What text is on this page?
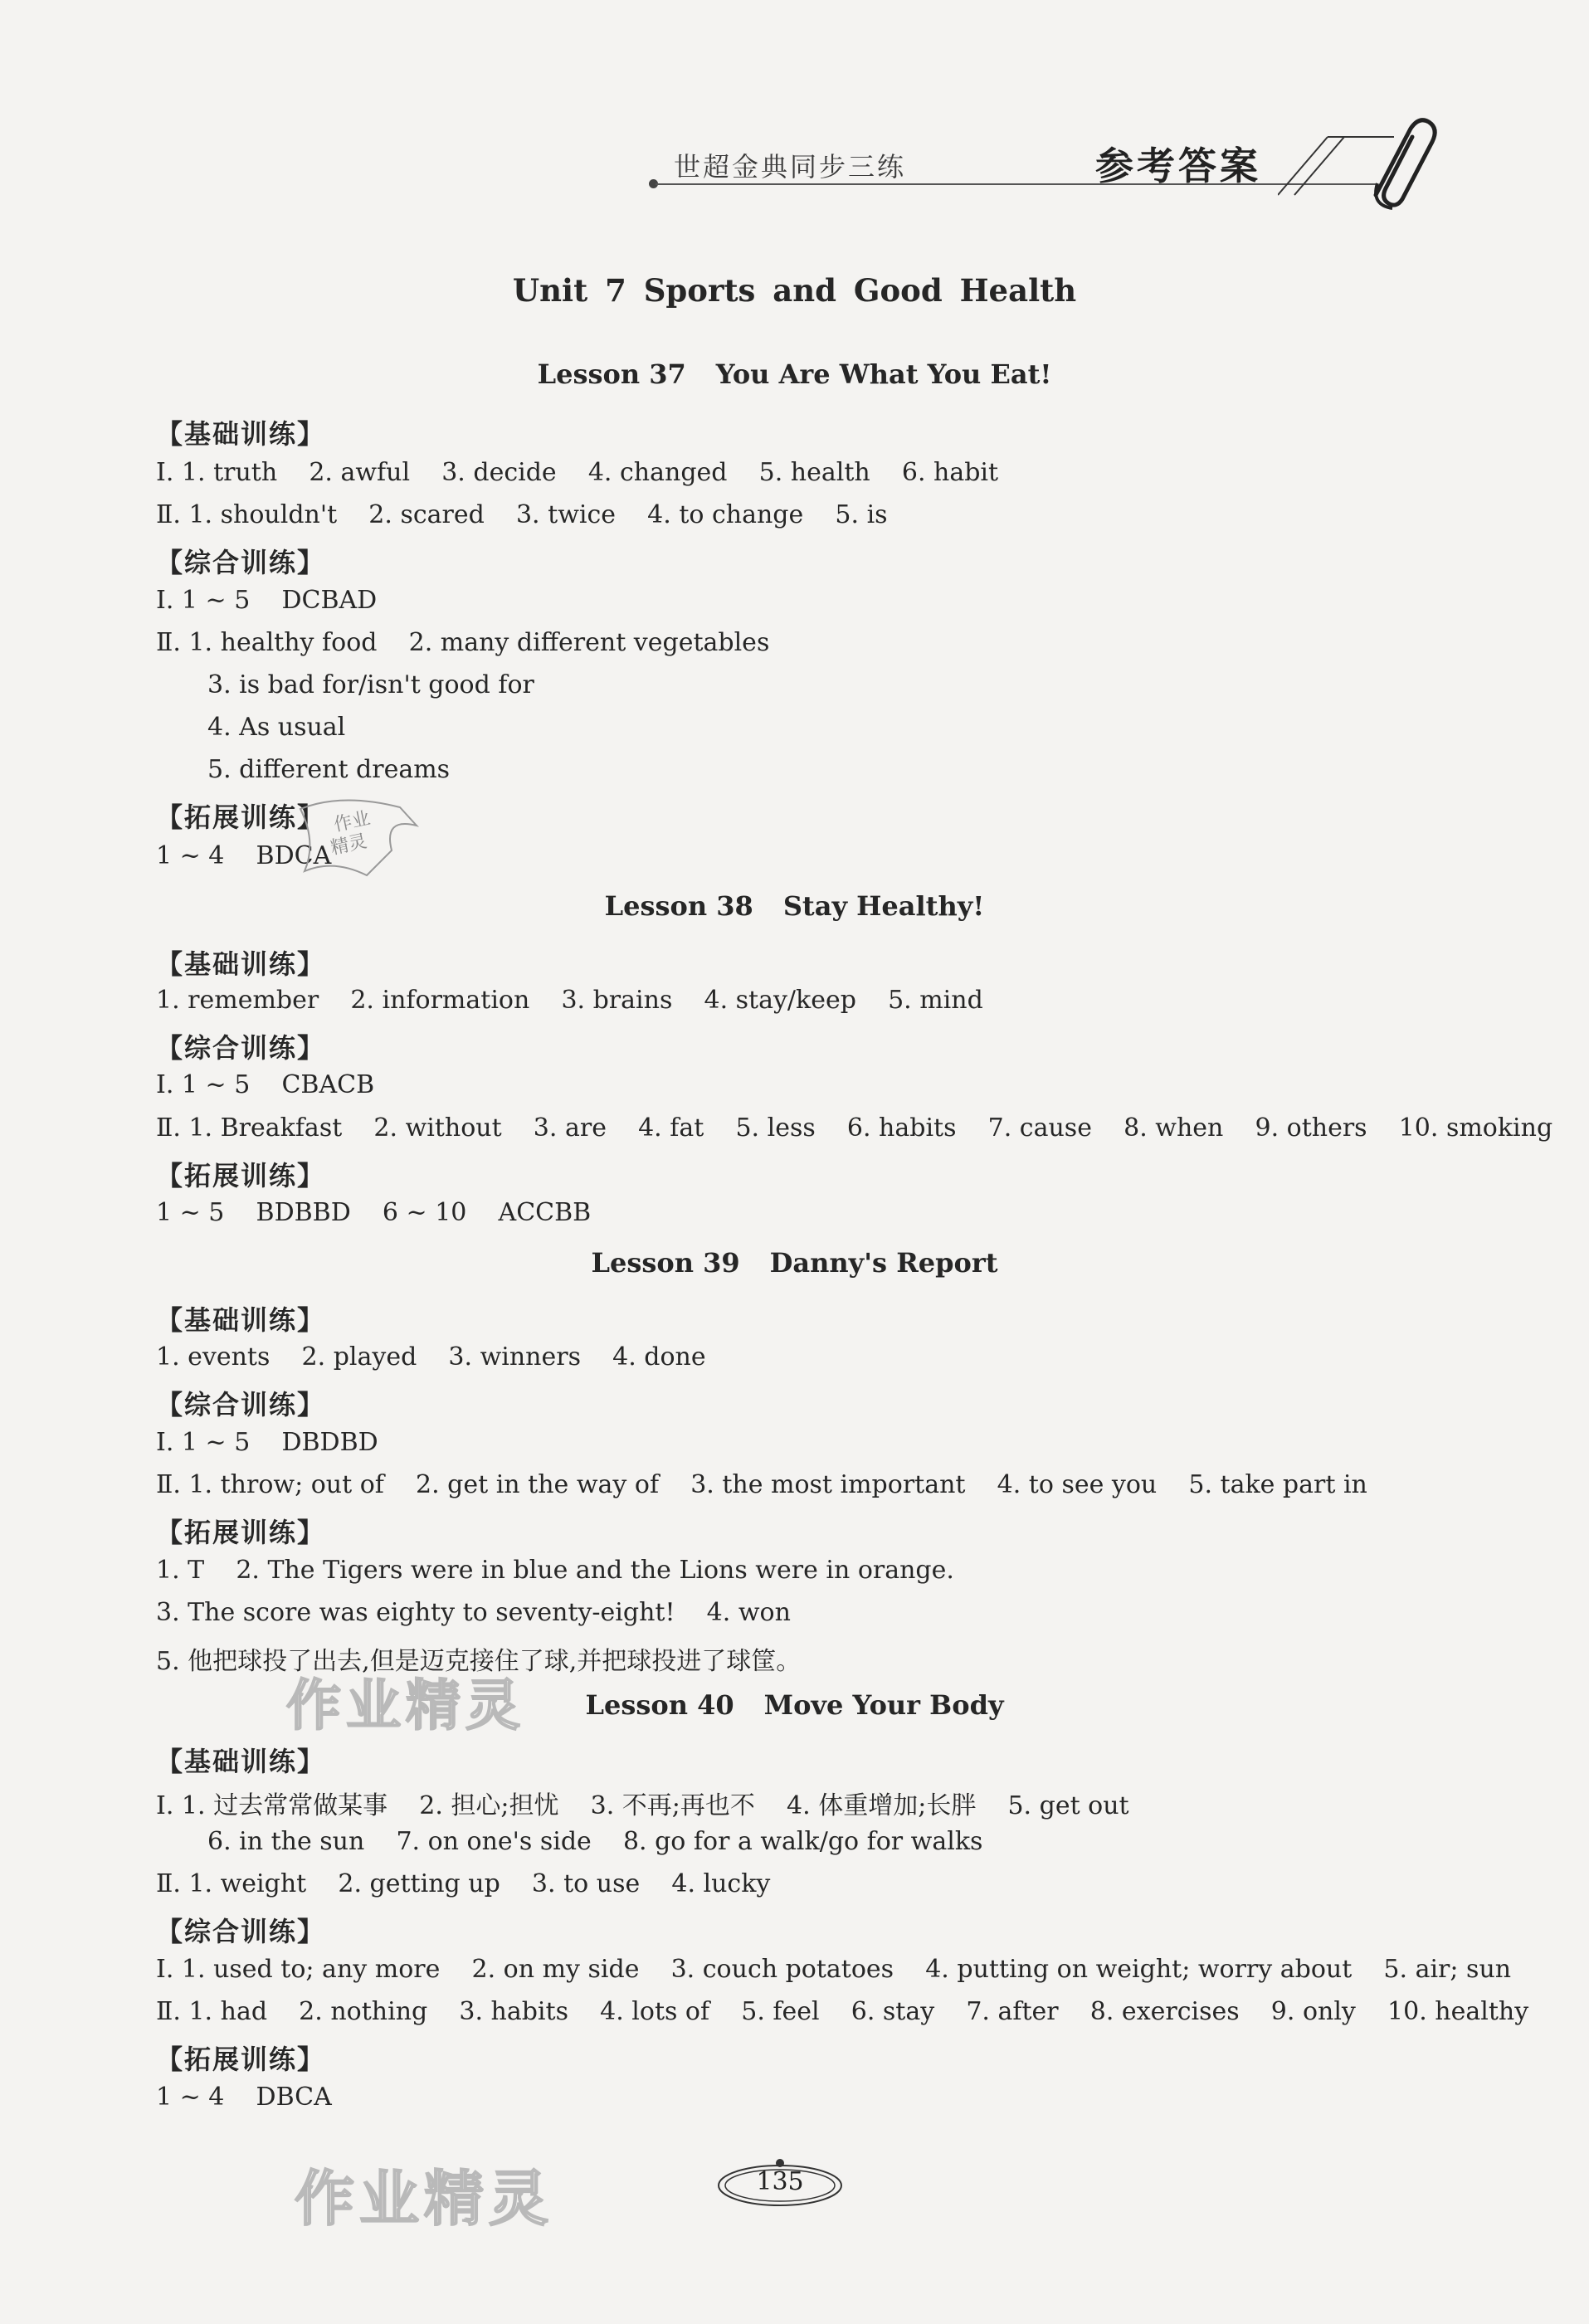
世超金典同步三练	参考答案
Unit 7 Sports and Good Health
Lesson 37 You Are What You Eat!
【基础训练】
Ⅰ. 1. truth    2. awful    3. decide    4. changed    5. health    6. habit
Ⅱ. 1. shouldn't    2. scared    3. twice    4. to change    5. is
【综合训练】
Ⅰ. 1 ~ 5    DCBAD
Ⅱ. 1. healthy food    2. many different vegetables
3. is bad for/isn't good for
4. As usual
5. different dreams
【拓展训练】
1 ~ 4    BDCA
作业
精灵
Lesson 38 Stay Healthy!
【基础训练】
1. remember    2. information    3. brains    4. stay/keep    5. mind
【综合训练】
Ⅰ. 1 ~ 5    CBACB
Ⅱ. 1. Breakfast    2. without    3. are    4. fat    5. less    6. habits    7. cause    8. when    9. others    10. smoking
【拓展训练】
1 ~ 5    BDBBD    6 ~ 10    ACCBB
Lesson 39 Danny's Report
【基础训练】
1. events    2. played    3. winners    4. done
【综合训练】
Ⅰ. 1 ~ 5    DBDBD
Ⅱ. 1. throw; out of    2. get in the way of    3. the most important    4. to see you    5. take part in
【拓展训练】
1. T    2. The Tigers were in blue and the Lions were in orange.
3. The score was eighty to seventy-eight!    4. won
5. 他把球投了出去,但是迈克接住了球,并把球投进了球筐。
作业精灵	Lesson 40 Move Your Body
【基础训练】
Ⅰ. 1. 过去常常做某事    2. 担心;担忧    3. 不再;再也不    4. 体重增加;长胖    5. get out
6. in the sun    7. on one's side    8. go for a walk/go for walks
Ⅱ. 1. weight    2. getting up    3. to use    4. lucky
【综合训练】
Ⅰ. 1. used to; any more    2. on my side    3. couch potatoes    4. putting on weight; worry about    5. air; sun
Ⅱ. 1. had    2. nothing    3. habits    4. lots of    5. feel    6. stay    7. after    8. exercises    9. only    10. healthy
【拓展训练】
1 ~ 4    DBCA
135
作业精灵
